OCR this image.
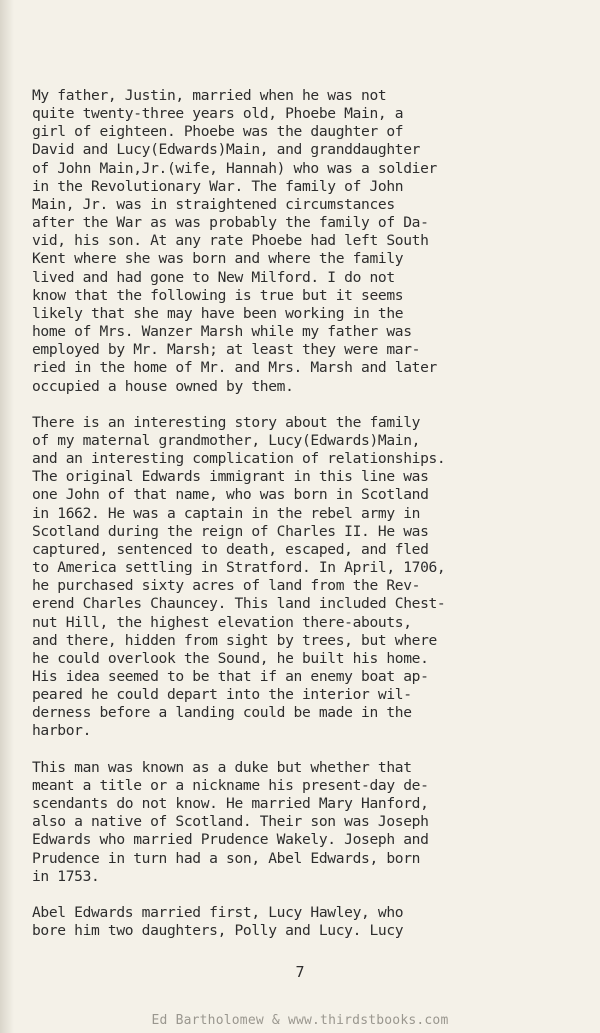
My father, Justin, married when he was not
quite twenty-three years old, Phoebe Main, a
girl of eighteen. Phoebe was the daughter of
David and Lucy(Edwards)Main, and granddaughter
of John Main,Jr.(wife, Hannah) who was a soldier
in the Revolutionary War. The family of John
Main, Jr. was in straightened circumstances
after the War as was probably the family of Da-
vid, his son. At any rate Phoebe had left South
Kent where she was born and where the family
lived and had gone to New Milford. I do not
know that the following is true but it seems
likely that she may have been working in the
home of Mrs. Wanzer Marsh while my father was
employed by Mr. Marsh; at least they were mar-
ried in the home of Mr. and Mrs. Marsh and later
occupied a house owned by them.
There is an interesting story about the family
of my maternal grandmother, Lucy(Edwards)Main,
and an interesting complication of relationships.
The original Edwards immigrant in this line was
one John of that name, who was born in Scotland
in 1662. He was a captain in the rebel army in
Scotland during the reign of Charles II. He was
captured, sentenced to death, escaped, and fled
to America settling in Stratford. In April, 1706,
he purchased sixty acres of land from the Rev-
erend Charles Chauncey. This land included Chest-
nut Hill, the highest elevation there-abouts,
and there, hidden from sight by trees, but where
he could overlook the Sound, he built his home.
His idea seemed to be that if an enemy boat ap-
peared he could depart into the interior wil-
derness before a landing could be made in the
harbor.
This man was known as a duke but whether that
meant a title or a nickname his present-day de-
scendants do not know. He married Mary Hanford,
also a native of Scotland. Their son was Joseph
Edwards who married Prudence Wakely. Joseph and
Prudence in turn had a son, Abel Edwards, born
in 1753.
Abel Edwards married first, Lucy Hawley, who
bore him two daughters, Polly and Lucy. Lucy
7
Ed Bartholomew & www.thirdstbooks.com
